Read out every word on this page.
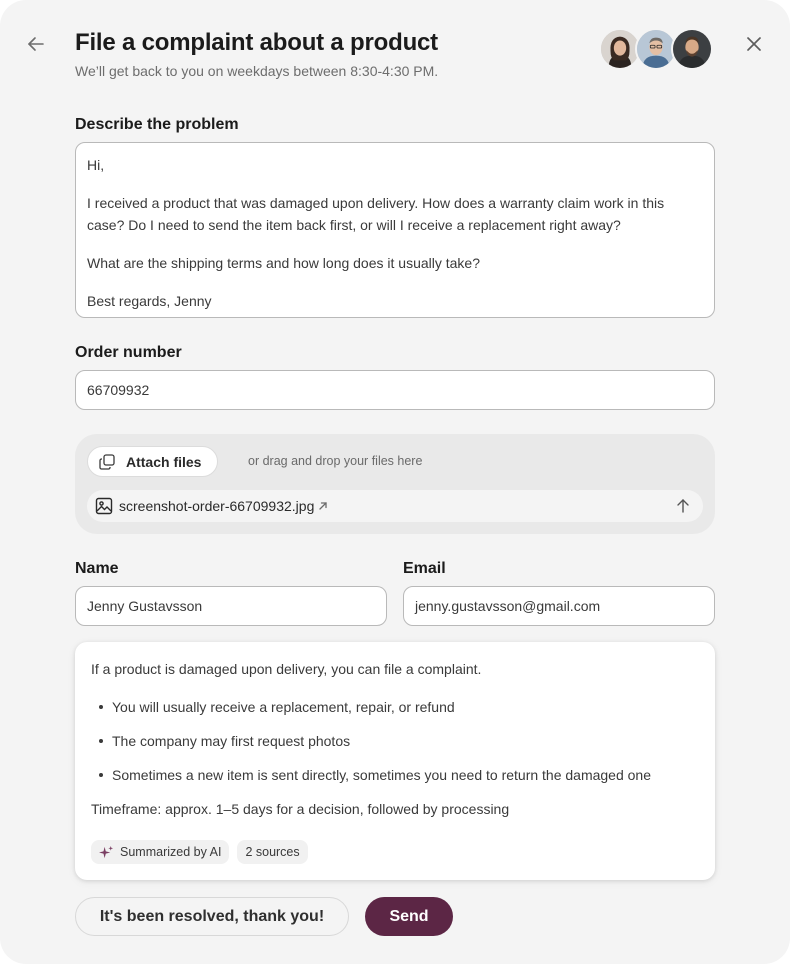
File a complaint about a product
We’ll get back to you on weekdays between 8:30-4:30 PM.
Describe the problem

Hi,

I received a product that was damaged upon delivery. How does a warranty claim work in this case? Do I need to send the item back first, or will I receive a replacement right away?

What are the shipping terms and how long does it usually take?

Best regards, Jenny

Order number
66709932
Attach files	or drag and drop your files here
screenshot-order-66709932.jpg
Name
Jenny Gustavsson
Email
jenny.gustavsson@gmail.com
If a product is damaged upon delivery, you can file a complaint.
You will usually receive a replacement, repair, or refund
The company may first request photos
Sometimes a new item is sent directly, sometimes you need to return the damaged one
Timeframe: approx. 1–5 days for a decision, followed by processing
Summarized by AI 2 sources
It's been resolved, thank you!	Send
